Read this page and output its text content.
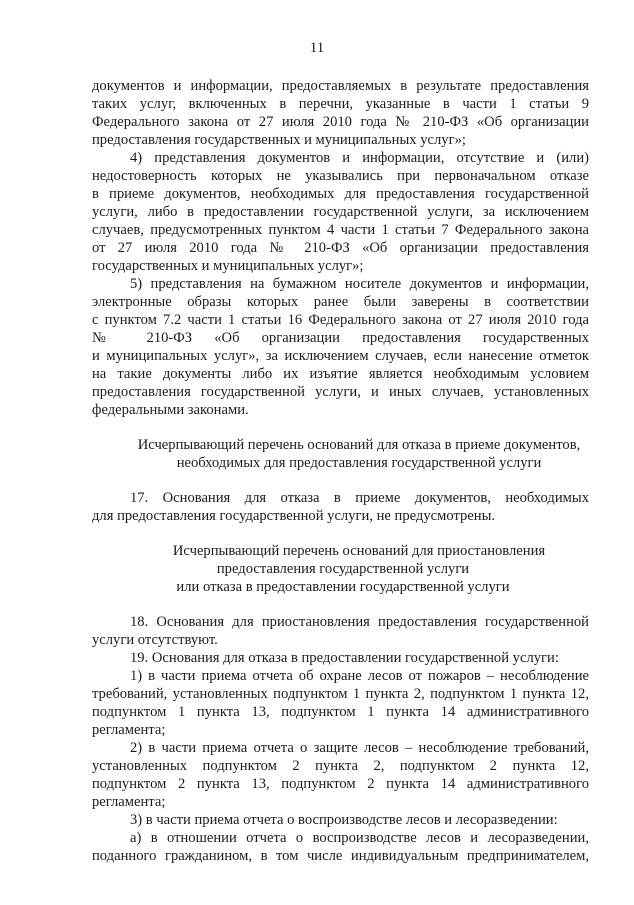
11
документов и информации, предоставляемых в результате предоставления
таких услуг, включенных в перечни, указанные в части 1 статьи 9
Федерального закона от 27 июля 2010 года № 210-ФЗ «Об организации
предоставления государственных и муниципальных услуг»;
4) представления документов и информации, отсутствие и (или)
недостоверность которых не указывались при первоначальном отказе
в приеме документов, необходимых для предоставления государственной
услуги, либо в предоставлении государственной услуги, за исключением
случаев, предусмотренных пунктом 4 части 1 статьи 7 Федерального закона
от 27 июля 2010 года № 210-ФЗ «Об организации предоставления
государственных и муниципальных услуг»;
5) представления на бумажном носителе документов и информации,
электронные образы которых ранее были заверены в соответствии
с пунктом 7.2 части 1 статьи 16 Федерального закона от 27 июля 2010 года
№ 210-ФЗ «Об организации предоставления государственных
и муниципальных услуг», за исключением случаев, если нанесение отметок
на такие документы либо их изъятие является необходимым условием
предоставления государственной услуги, и иных случаев, установленных
федеральными законами.
Исчерпывающий перечень оснований для отказа в приеме документов,
необходимых для предоставления государственной услуги
17. Основания для отказа в приеме документов, необходимых
для предоставления государственной услуги, не предусмотрены.
Исчерпывающий перечень оснований для приостановления
предоставления государственной услуги
или отказа в предоставлении государственной услуги
18. Основания для приостановления предоставления государственной
услуги отсутствуют.
19. Основания для отказа в предоставлении государственной услуги:
1) в части приема отчета об охране лесов от пожаров – несоблюдение
требований, установленных подпунктом 1 пункта 2, подпунктом 1 пункта 12,
подпунктом 1 пункта 13, подпунктом 1 пункта 14 административного
регламента;
2) в части приема отчета о защите лесов – несоблюдение требований,
установленных подпунктом 2 пункта 2, подпунктом 2 пункта 12,
подпунктом 2 пункта 13, подпунктом 2 пункта 14 административного
регламента;
3) в части приема отчета о воспроизводстве лесов и лесоразведении:
а) в отношении отчета о воспроизводстве лесов и лесоразведении,
поданного гражданином, в том числе индивидуальным предпринимателем,
